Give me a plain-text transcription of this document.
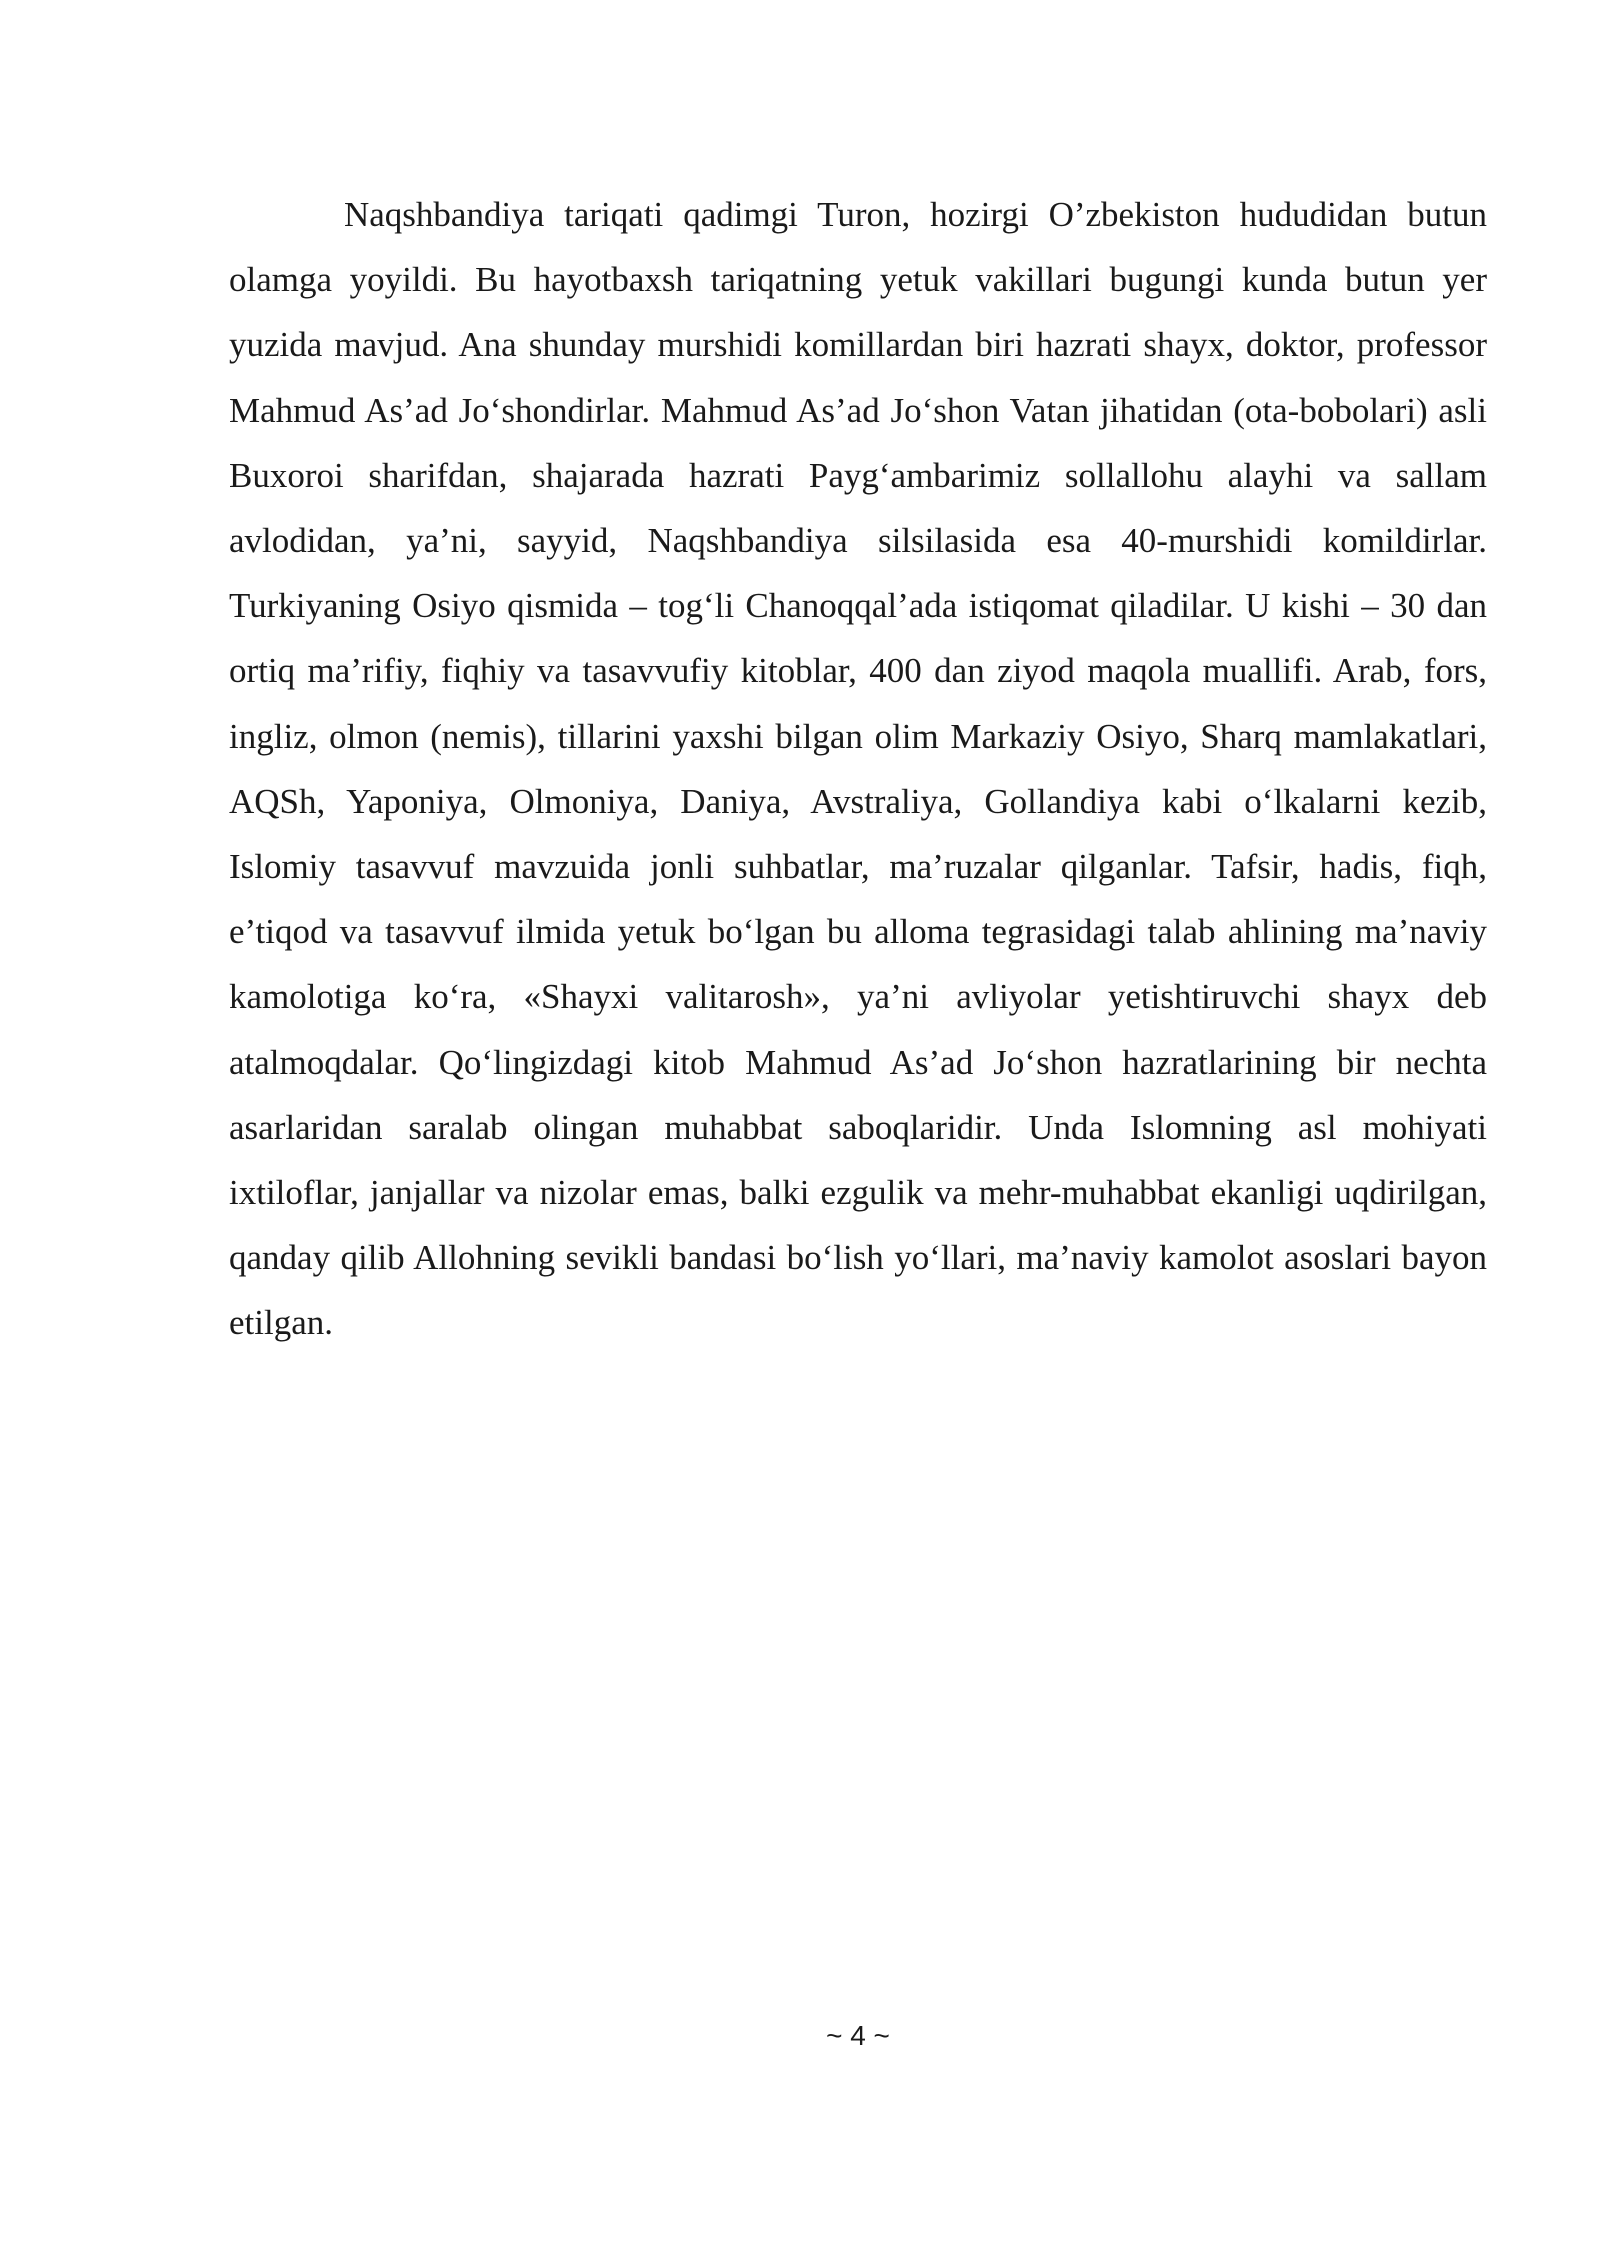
Naqshbandiya tariqati qadimgi Turon, hozirgi O’zbekiston hududidan butun olamga yoyildi. Bu hayotbaxsh tariqatning yetuk vakillari bugungi kunda butun yer yuzida mavjud. Ana shunday murshidi komillardan biri hazrati shayx, doktor, professor Mahmud As’ad Jo‘shondirlar. Mahmud As’ad Jo‘shon Vatan jihatidan (ota-bobolari) asli Buxoroi sharifdan, shajarada hazrati Payg‘ambarimiz sollallohu alayhi va sallam avlodidan, ya’ni, sayyid, Naqshbandiya silsilasida esa 40-murshidi komildirlar. Turkiyaning Osiyo qismida – tog‘li Chanoqqal’ada istiqomat qiladilar. U kishi – 30 dan ortiq ma’rifiy, fiqhiy va tasavvufiy kitoblar, 400 dan ziyod maqola muallifi. Arab, fors, ingliz, olmon (nemis), tillarini yaxshi bilgan olim Markaziy Osiyo, Sharq mamlakatlari, AQSh, Yaponiya, Olmoniya, Daniya, Avstraliya, Gollandiya kabi o‘lkalarni kezib, Islomiy tasavvuf mavzuida jonli suhbatlar, ma’ruzalar qilganlar. Tafsir, hadis, fiqh, e’tiqod va tasavvuf ilmida yetuk bo‘lgan bu alloma tegrasidagi talab ahlining ma’naviy kamolotiga ko‘ra, «Shayxi valitarosh», ya’ni avliyolar yetishtiruvchi shayx deb atalmoqdalar. Qo‘lingizdagi kitob Mahmud As’ad Jo‘shon hazratlarining bir nechta asarlaridan saralab olingan muhabbat saboqlaridir. Unda Islomning asl mohiyati ixtiloflar, janjallar va nizolar emas, balki ezgulik va mehr-muhabbat ekanligi uqdirilgan, qanday qilib Allohning sevikli bandasi bo‘lish yo‘llari, ma’naviy kamolot asoslari bayon etilgan.

~ 4 ~
